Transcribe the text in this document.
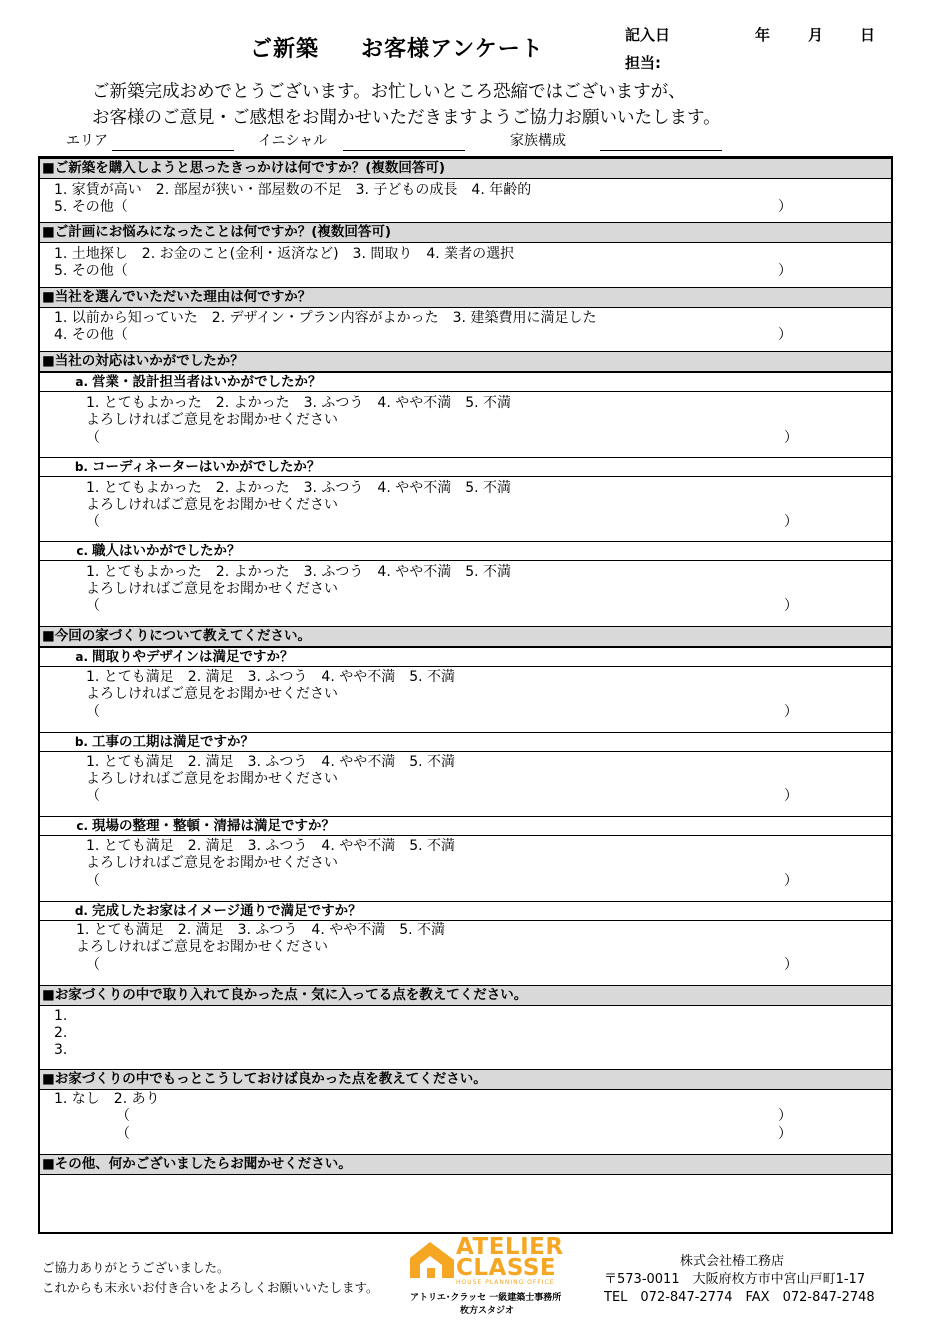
ご新築 お客様アンケート
記入日	年	月 日
担当:
ご新築完成おめでとうございます。お忙しいところ恐縮ではございますが、
お客様のご意見・ご感想をお聞かせいただきますようご協力お願いいたします。
エリア	イニシャル	家族構成
■ご新築を購入しようと思ったきっかけは何ですか？(複数回答可)
1. 家賃が高い　2. 部屋が狭い・部屋数の不足　3. 子どもの成長　4. 年齢的
5. その他（	）
■ご計画にお悩みになったことは何ですか？(複数回答可)
1. 土地探し　2. お金のこと(金利・返済など)　3. 間取り　4. 業者の選択
5. その他（	）
■当社を選んでいただいた理由は何ですか？
1. 以前から知っていた　2. デザイン・プラン内容がよかった　3. 建築費用に満足した
4. その他（	）
■当社の対応はいかがでしたか？
a. 営業・設計担当者はいかがでしたか？
1. とてもよかった　2. よかった　3. ふつう　4. やや不満　5. 不満
よろしければご意見をお聞かせください
（	）
b. コーディネーターはいかがでしたか？
1. とてもよかった　2. よかった　3. ふつう　4. やや不満　5. 不満
よろしければご意見をお聞かせください
（	）
c. 職人はいかがでしたか？
1. とてもよかった　2. よかった　3. ふつう　4. やや不満　5. 不満
よろしければご意見をお聞かせください
（	）
■今回の家づくりについて教えてください。
a. 間取りやデザインは満足ですか？
1. とても満足　2. 満足　3. ふつう　4. やや不満　5. 不満
よろしければご意見をお聞かせください
（	）
b. 工事の工期は満足ですか？
1. とても満足　2. 満足　3. ふつう　4. やや不満　5. 不満
よろしければご意見をお聞かせください
（	）
c. 現場の整理・整頓・清掃は満足ですか？
1. とても満足　2. 満足　3. ふつう　4. やや不満　5. 不満
よろしければご意見をお聞かせください
（	）
d. 完成したお家はイメージ通りで満足ですか？
1. とても満足　2. 満足　3. ふつう　4. やや不満　5. 不満
よろしければご意見をお聞かせください
（	）
■お家づくりの中で取り入れて良かった点・気に入ってる点を教えてください。
1.
2.
3.
■お家づくりの中でもっとこうしておけば良かった点を教えてください。
1. なし　2. あり
（	）
（	）
■その他、何かございましたらお聞かせください。
ご協力ありがとうございました。
これからも末永いお付き合いをよろしくお願いいたします。
ATELIER
CLASSE
HOUSE PLANNING OFFICE
アトリエ･クラッセ 一級建築士事務所
枚方スタジオ
株式会社椿工務店
〒573-0011　大阪府枚方市中宮山戸町1-17
TEL　072-847-2774　FAX　072-847-2748
